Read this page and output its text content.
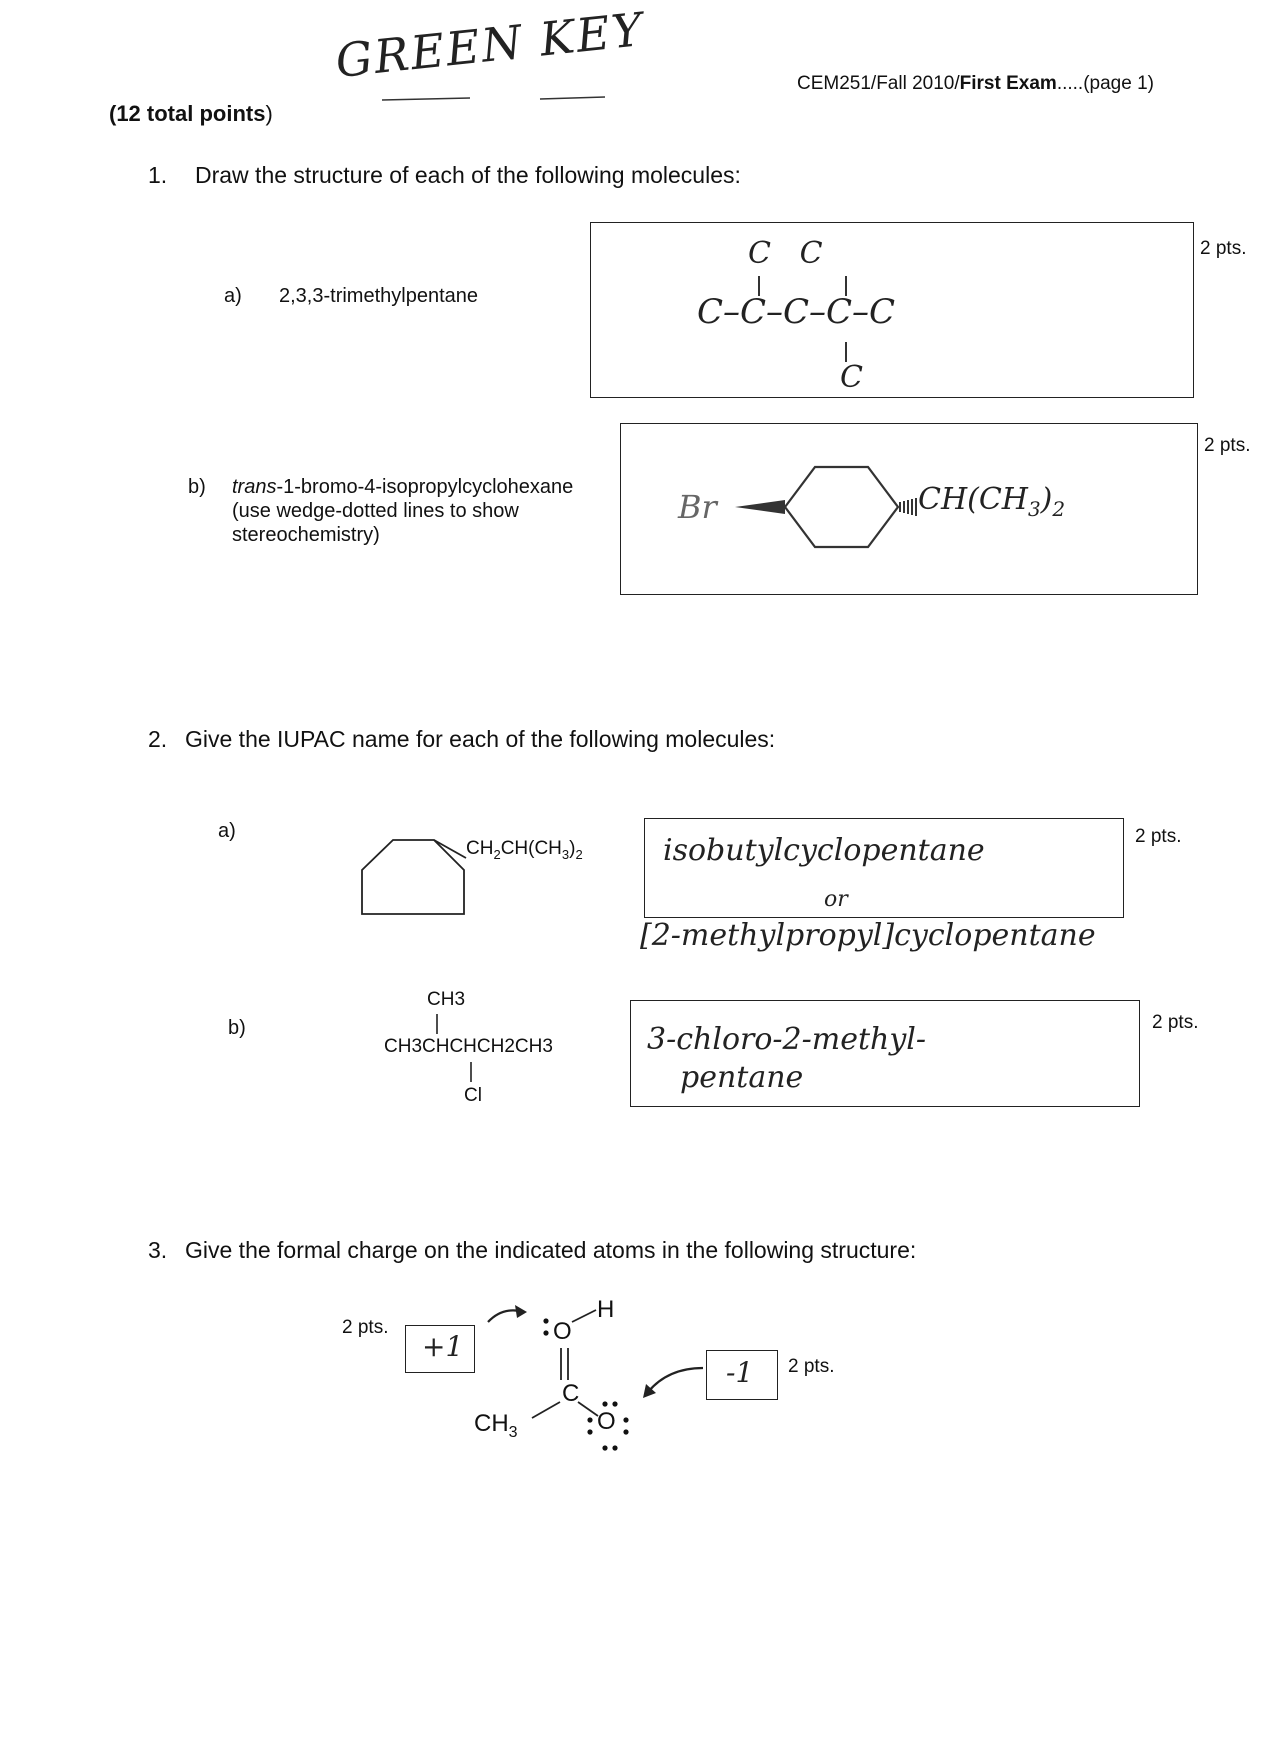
GREEN KEY	CEM251/Fall 2010/First Exam.....(page 1)
(12 total points)
1. Draw the structure of each of the following molecules:
a) 2,3,3-trimethylpentane
2 pts.
C   C
C–C–C–C–C
C
b) trans-1-bromo-4-isopropylcyclohexane
(use wedge-dotted lines to show
stereochemistry)
2 pts.
Br	$CH(CH_3)_2$
2. Give the IUPAC name for each of the following molecules:
a)
$CH_2CH(CH_3)_2$
2 pts.
isobutylcyclopentane
or
[2-methylpropyl]cyclopentane
b)
CH3
CH3CHCHCH2CH3
Cl
2 pts.
3-chloro-2-methyl-
pentane
3. Give the formal charge on the indicated atoms in the following structure:
2 pts.
+1
2 pts.
-1
H
O
C
O
$CH_3$
